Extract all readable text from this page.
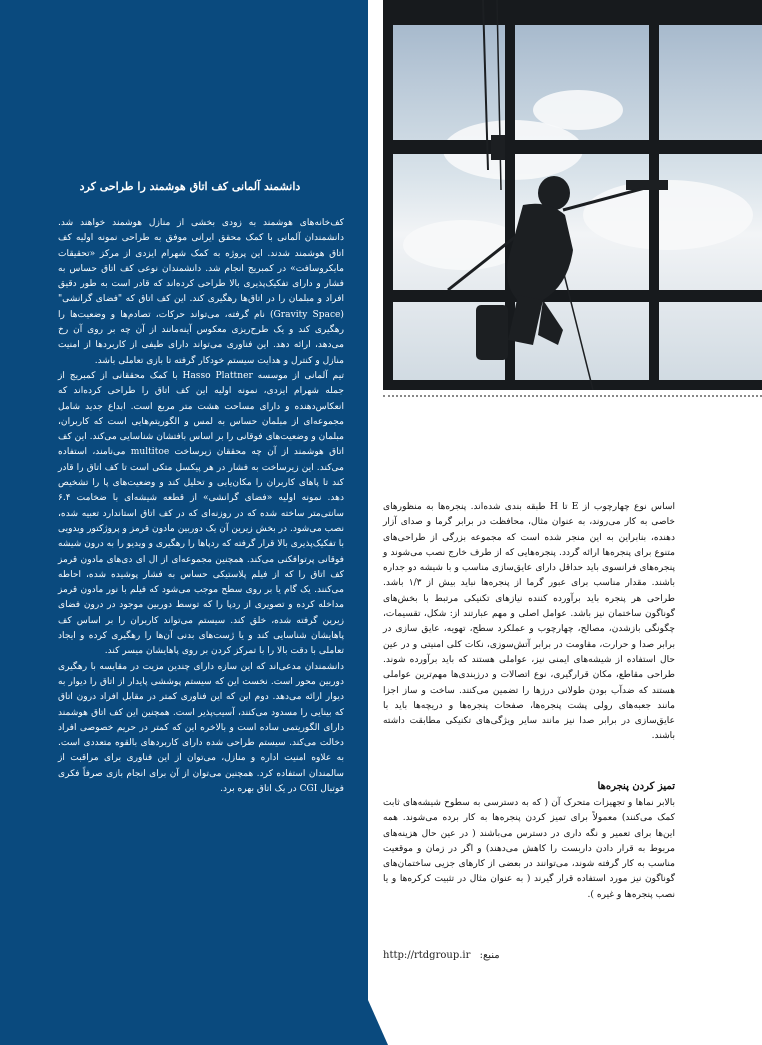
دانشمند آلمانی کف اتاق هوشمند را طراحی کرد

کف‌خانه‌های هوشمند به زودی بخشی از منازل هوشمند خواهند شد. دانشمندان آلمانی با کمک محقق ایرانی موفق به طراحی نمونه اولیه کف اتاق هوشمند شدند. این پروژه به کمک شهرام ایزدی از مرکز «تحقیقات مایکروسافت» در کمبریج انجام شد. دانشمندان نوعی کف اتاق حساس به فشار و دارای تفکیک‌پذیری بالا طراحی کرده‌اند که قادر است به طور دقیق افراد و مبلمان را در اتاق‌ها رهگیری کند. این کف اتاق که "فضای گرانشی" (Gravity Space) نام گرفته، می‌تواند حرکات، تصادم‌ها و وضعیت‌ها را رهگیری کند و یک طرح‌ریزی معکوس آینه‌مانند از آن چه بر روی آن رخ می‌دهد، ارائه دهد. این فناوری می‌تواند دارای طیفی از کاربردها از امنیت منازل و کنترل و هدایت سیستم خودکار گرفته تا بازی تعاملی باشد.

تیم آلمانی از موسسه Hasso Plattner با کمک محققانی از کمبریج از جمله شهرام ایزدی، نمونه اولیه این کف اتاق را طراحی کرده‌اند که انعکاس‌دهنده و دارای مساحت هشت متر مربع است. ابداع جدید شامل مجموعه‌ای از مبلمان حساس به لمس و الگوریتم‌هایی است که کاربران، مبلمان و وضعیت‌های فوقانی را بر اساس بافتشان شناسایی می‌کند. این کف اتاق هوشمند از آن چه محققان زیرساخت multitoe می‌نامند، استفاده می‌کند. این زیرساخت به فشار در هر پیکسل متکی است تا کف اتاق را قادر کند تا پاهای کاربران را مکان‌یابی و تحلیل کند و وضعیت‌های پا را تشخیص دهد. نمونه اولیه «فضای گرانشی» از قطعه شیشه‌ای با ضخامت ۶.۴ سانتی‌متر ساخته شده که در روزنه‌ای که در کف اتاق استاندارد تعبیه شده، نصب می‌شود. در بخش زیرین آن یک دوربین مادون قرمز و پروژکتور ویدویی با تفکیک‌پذیری بالا قرار گرفته که ردپاها را رهگیری و ویدیو را به درون شیشه فوقانی پرتوافکنی می‌کند. همچنین مجموعه‌ای از ال ای دی‌های مادون قرمز کف اتاق را که از فیلم پلاستیکی حساس به فشار پوشیده شده، احاطه می‌کنند. یک گام یا بر روی سطح موجب می‌شود که فیلم با نور مادون قرمز مداخله کرده و تصویری از ردپا را که توسط دوربین موجود در درون فضای زیرین گرفته شده، خلق کند. سیستم می‌تواند کاربران را بر اساس کف پاهایشان شناسایی کند و یا ژست‌های بدنی آن‌ها را رهگیری کرده و ایجاد تعاملی با دقت بالا را با تمرکز کردن بر روی پاهایشان میسر کند.

دانشمندان مدعی‌اند که این سازه دارای چندین مزیت در مقایسه با رهگیری دوربین محور است. نخست این که سیستم پوششی پایدار از اتاق را دیوار به دیوار ارائه می‌دهد. دوم این که این فناوری کمتر در مقابل افراد درون اتاق که بینایی را مسدود می‌کنند، آسیب‌پذیر است. همچنین این کف اتاق هوشمند دارای الگوریتمی ساده است و بالاخره این که کمتر در حریم خصوصی افراد دخالت می‌کند. سیستم طراحی شده دارای کاربردهای بالقوه متعددی است. به علاوه امنیت اداره و منازل، می‌توان از این فناوری برای مراقبت از سالمندان استفاده کرد. همچنین می‌توان از آن برای انجام بازی صرفاً فکری فوتبال CGI در یک اتاق بهره برد.

اساس نوع چهارچوب از E تا H طبقه بندی شده‌اند. پنجره‌ها به منظورهای خاصی به کار می‌روند، به عنوان مثال، محافظت در برابر گرما و صدای آزار دهنده، بنابراین به این منجر شده است که مجموعه بزرگی از طراحی‌های متنوع برای پنجره‌ها ارائه گردد. پنجره‌هایی که از طرف خارج نصب می‌شوند و پنجره‌های فرانسوی باید حداقل دارای عایق‌سازی مناسب و با شیشه دو جداره باشند. مقدار مناسب برای عبور گرما از پنجره‌ها نباید بیش از ۱/۳ باشد. طراحی هر پنجره باید برآورده کننده نیازهای تکنیکی مرتبط با بخش‌های گوناگون ساختمان نیز باشد. عوامل اصلی و مهم عبارتند از: شکل، تقسیمات، چگونگی بازشدن، مصالح، چهارچوب و عملکرد سطح، تهویه، عایق سازی در برابر صدا و حرارت، مقاومت در برابر آتش‌سوزی، نکات کلی امنیتی و در عین حال استفاده از شیشه‌های ایمنی نیز، عواملی هستند که باید برآورده شوند. طراحی مقاطع، مکان قرارگیری، نوع اتصالات و درزبندی‌ها مهم‌ترین عواملی هستند که ضدآب بودن طولانی درزها را تضمین می‌کنند. ساخت و ساز اجزا مانند جعبه‌های رولی پشت پنجره‌ها، صفحات پنجره‌ها و دریچه‌ها باید با عایق‌سازی در برابر صدا نیز مانند سایر ویژگی‌های تکنیکی مطابقت داشته باشند.
تمیز کردن پنجره‌ها
بالابر نماها و تجهیزات متحرک آن ( که به دسترسی به سطوح شیشه‌های ثابت کمک می‌کنند) معمولاً برای تمیز کردن پنجره‌ها به کار برده می‌شوند. همه این‌ها برای تعمیر و نگه داری در دسترس می‌باشند ( در عین حال هزینه‌های مربوط به قرار دادن داربست را کاهش می‌دهند) و اگر در زمان و موقعیت مناسب به کار گرفته شوند، می‌توانند در بعضی از کارهای جزیی ساختمان‌های گوناگون نیز مورد استفاده قرار گیرند ( به عنوان مثال در تثبیت کرکره‌ها و یا نصب پنجره‌ها و غیره ).
http://rtdgroup.ir منبع:
